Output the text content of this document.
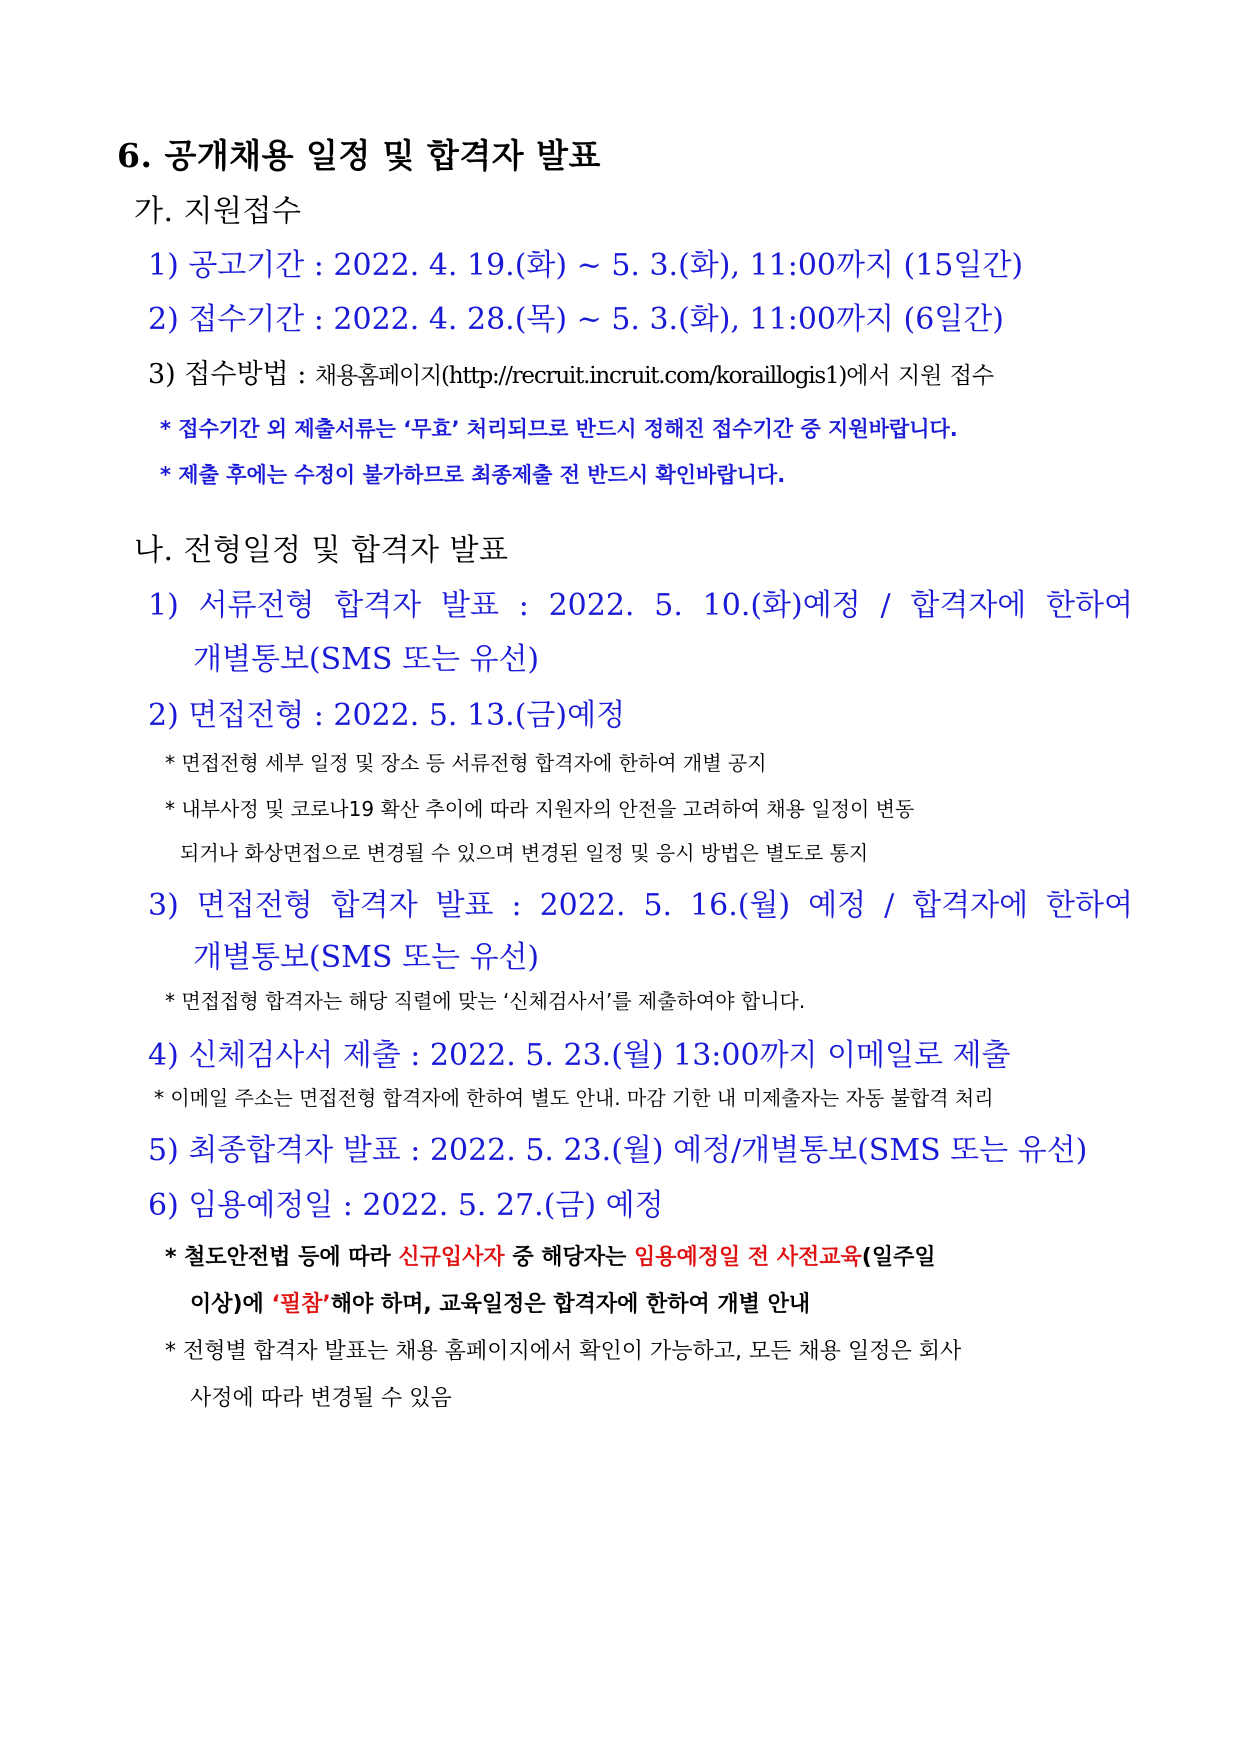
6. 공개채용 일정 및 합격자 발표
가. 지원접수
1) 공고기간 : 2022. 4. 19.(화) ~ 5. 3.(화), 11:00까지 (15일간)
2) 접수기간 : 2022. 4. 28.(목) ~ 5. 3.(화), 11:00까지 (6일간)
3) 접수방법 : 채용홈페이지(http://recruit.incruit.com/koraillogis1)에서 지원 접수
* 접수기간 외 제출서류는 ‘무효’ 처리되므로 반드시 정해진 접수기간 중 지원바랍니다.
* 제출 후에는 수정이 불가하므로 최종제출 전 반드시 확인바랍니다.
나. 전형일정 및 합격자 발표
1) 서류전형 합격자 발표 : 2022. 5. 10.(화)예정 / 합격자에 한하여
개별통보(SMS 또는 유선)
2) 면접전형 : 2022. 5. 13.(금)예정
* 면접전형 세부 일정 및 장소 등 서류전형 합격자에 한하여 개별 공지
* 내부사정 및 코로나19 확산 추이에 따라 지원자의 안전을 고려하여 채용 일정이 변동
되거나 화상면접으로 변경될 수 있으며 변경된 일정 및 응시 방법은 별도로 통지
3) 면접전형 합격자 발표 : 2022. 5. 16.(월) 예정 / 합격자에 한하여
개별통보(SMS 또는 유선)
* 면접접형 합격자는 해당 직렬에 맞는 ‘신체검사서’를 제출하여야 합니다.
4) 신체검사서 제출 : 2022. 5. 23.(월) 13:00까지 이메일로 제출
* 이메일 주소는 면접전형 합격자에 한하여 별도 안내. 마감 기한 내 미제출자는 자동 불합격 처리
5) 최종합격자 발표 : 2022. 5. 23.(월) 예정/개별통보(SMS 또는 유선)
6) 임용예정일 : 2022. 5. 27.(금) 예정
* 철도안전법 등에 따라 신규입사자 중 해당자는 임용예정일 전 사전교육(일주일
이상)에 ‘필참’해야 하며, 교육일정은 합격자에 한하여 개별 안내
* 전형별 합격자 발표는 채용 홈페이지에서 확인이 가능하고, 모든 채용 일정은 회사
사정에 따라 변경될 수 있음
